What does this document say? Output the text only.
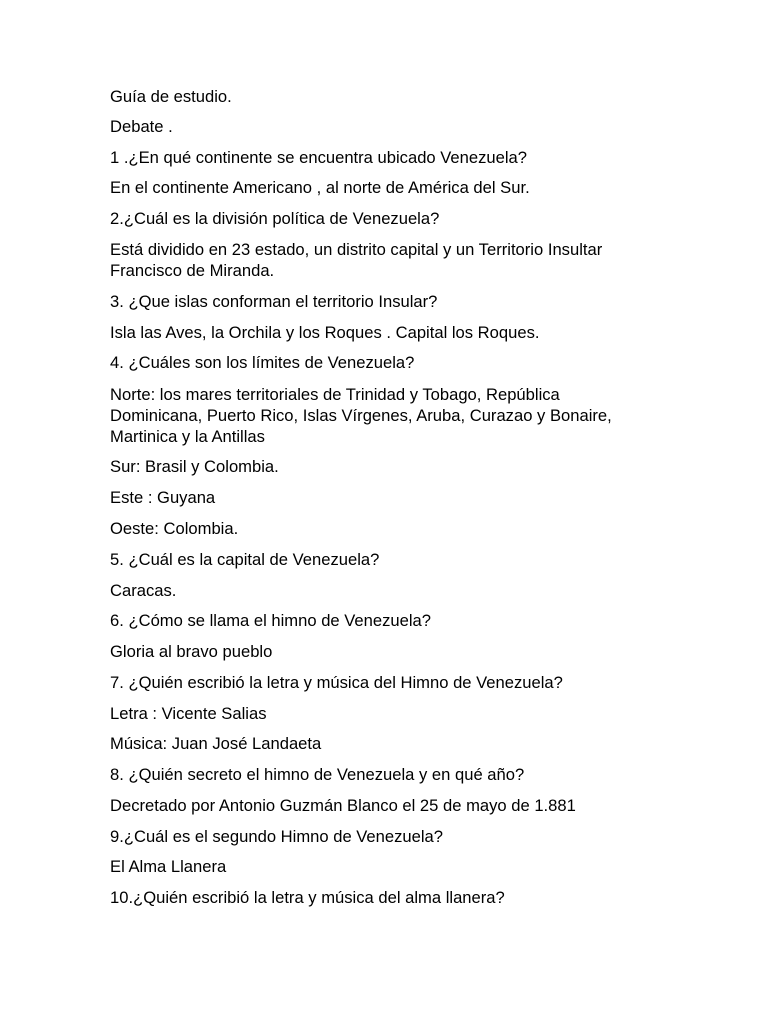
Guía de estudio.
Debate .
1 .¿En qué continente se encuentra ubicado Venezuela?
En el continente Americano , al norte de América del Sur.
2.¿Cuál es la división política de Venezuela?
Está dividido en 23 estado, un distrito capital y un Territorio Insultar
Francisco de Miranda.
3. ¿Que islas conforman el territorio Insular?
Isla las Aves, la Orchila y los Roques . Capital los Roques.
4. ¿Cuáles son los límites de Venezuela?
Norte: los mares territoriales de Trinidad y Tobago, República
Dominicana, Puerto Rico, Islas Vírgenes, Aruba, Curazao y Bonaire,
Martinica y la Antillas
Sur: Brasil y Colombia.
Este : Guyana
Oeste: Colombia.
5. ¿Cuál es la capital de Venezuela?
Caracas.
6. ¿Cómo se llama el himno de Venezuela?
Gloria al bravo pueblo
7. ¿Quién escribió la letra y música del Himno de Venezuela?
Letra : Vicente Salias
Música: Juan José Landaeta
8. ¿Quién secreto el himno de Venezuela y en qué año?
Decretado por Antonio Guzmán Blanco el 25 de mayo de 1.881
9.¿Cuál es el segundo Himno de Venezuela?
El Alma Llanera
10.¿Quién escribió la letra y música del alma llanera?
